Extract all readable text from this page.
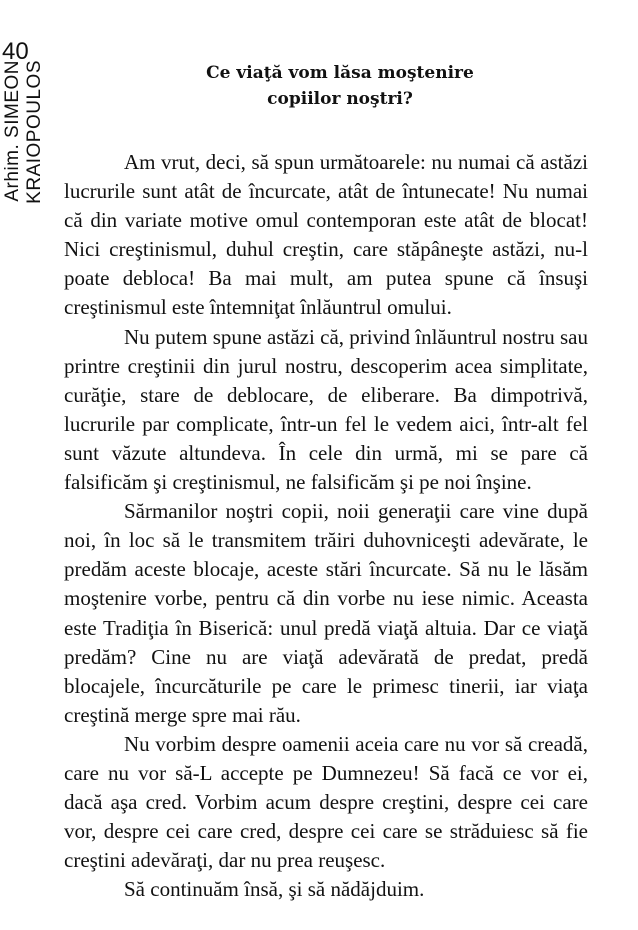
40
Arhim. SIMEON KRAIOPOULOS	Ce viaţă vom lăsa moştenire
copiilor noştri?

Am vrut, deci, să spun următoarele: nu numai că astăzi lucrurile sunt atât de încurcate, atât de întunecate! Nu numai că din variate motive omul contemporan este atât de blocat! Nici creştinismul, duhul creştin, care stăpâneşte astăzi, nu-l poate debloca! Ba mai mult, am putea spune că însuşi creştinismul este întemniţat înlăuntrul omului.

Nu putem spune astăzi că, privind înlăuntrul nostru sau printre creştinii din jurul nostru, descoperim acea simplitate, curăţie, stare de deblocare, de eliberare. Ba dimpotrivă, lucrurile par complicate, într-un fel le vedem aici, într-alt fel sunt văzute altundeva. În cele din urmă, mi se pare că falsificăm şi creştinismul, ne falsificăm şi pe noi înşine.

Sărmanilor noştri copii, noii generaţii care vine după noi, în loc să le transmitem trăiri duhovniceşti adevărate, le predăm aceste blocaje, aceste stări încurcate. Să nu le lăsăm moştenire vorbe, pentru că din vorbe nu iese nimic. Aceasta este Tradiţia în Biserică: unul predă viaţă altuia. Dar ce viaţă predăm? Cine nu are viaţă adevărată de predat, predă blocajele, încurcăturile pe care le primesc tinerii, iar viaţa creştină merge spre mai rău.

Nu vorbim despre oamenii aceia care nu vor să creadă, care nu vor să-L accepte pe Dumnezeu! Să facă ce vor ei, dacă aşa cred. Vorbim acum despre creştini, despre cei care vor, despre cei care cred, despre cei care se străduiesc să fie creştini adevăraţi, dar nu prea reuşesc.

Să continuăm însă, şi să nădăjduim.
